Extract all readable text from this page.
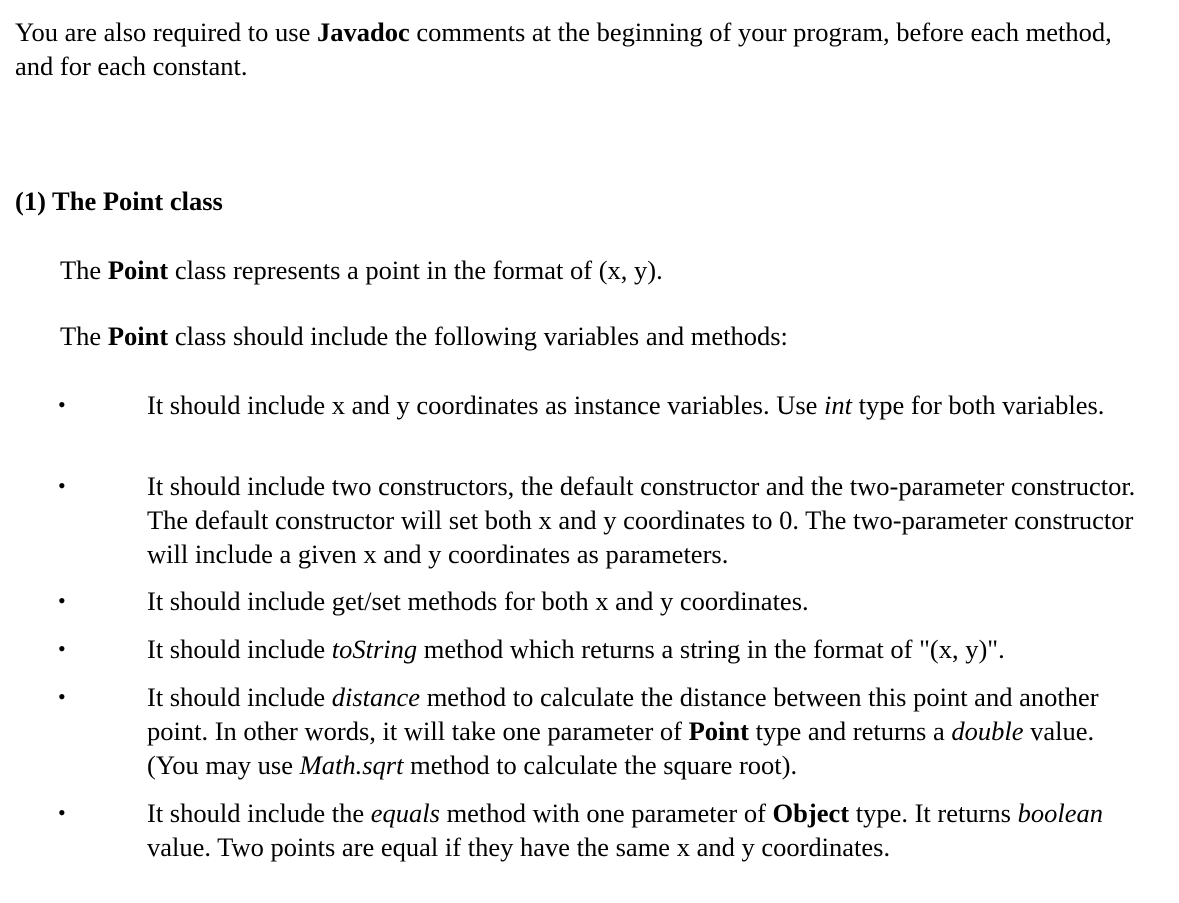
You are also required to use Javadoc comments at the beginning of your program, before each method, and for each constant.

(1) The Point class

The Point class represents a point in the format of (x, y).

The Point class should include the following variables and methods:

•	It should include x and y coordinates as instance variables. Use int type for both variables.
•	It should include two constructors, the default constructor and the two-parameter constructor. The default constructor will set both x and y coordinates to 0. The two-parameter constructor will include a given x and y coordinates as parameters.
•	It should include get/set methods for both x and y coordinates.
•	It should include toString method which returns a string in the format of "(x, y)".
•	It should include distance method to calculate the distance between this point and another point. In other words, it will take one parameter of Point type and returns a double value. (You may use Math.sqrt method to calculate the square root).
•	It should include the equals method with one parameter of Object type. It returns boolean value. Two points are equal if they have the same x and y coordinates.
